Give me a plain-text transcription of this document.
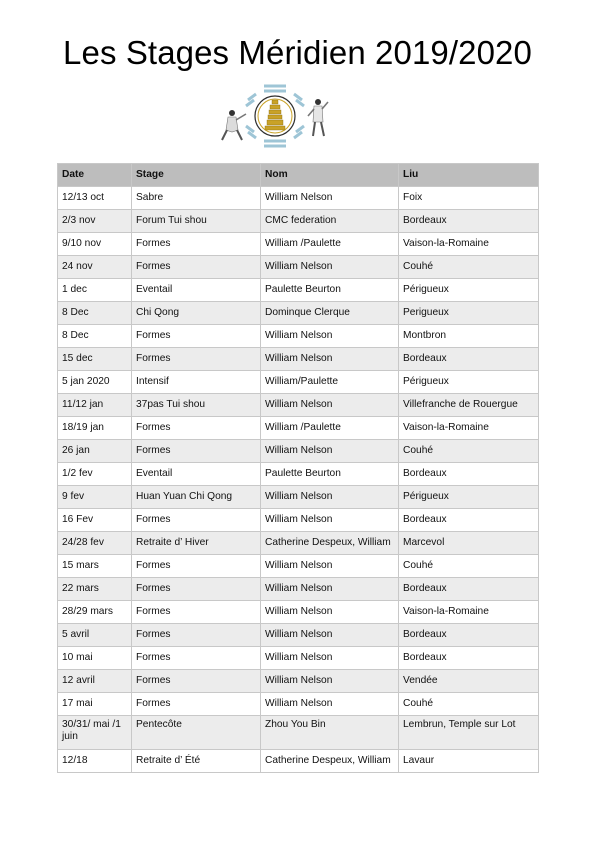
Les Stages Méridien 2019/2020
Date	Stage	Nom	Liu
12/13 oct	Sabre	William Nelson	Foix
2/3 nov	Forum Tui shou	CMC federation	Bordeaux
9/10 nov	Formes	William /Paulette	Vaison-la-Romaine
24 nov	Formes	William Nelson	Couhé
1 dec	Eventail	Paulette Beurton	Périgueux
8 Dec	Chi Qong	Dominque Clerque	Perigueux
8 Dec	Formes	William Nelson	Montbron
15 dec	Formes	William Nelson	Bordeaux
5 jan 2020	Intensif	William/Paulette	Périgueux
11/12 jan	37pas Tui shou	William Nelson	Villefranche de Rouergue
18/19 jan	Formes	William /Paulette	Vaison-la-Romaine
26 jan	Formes	William Nelson	Couhé
1/2 fev	Eventail	Paulette Beurton	Bordeaux
9 fev	Huan Yuan Chi Qong	William Nelson	Périgueux
16 Fev	Formes	William Nelson	Bordeaux
24/28 fev	Retraite d’ Hiver	Catherine Despeux, William	Marcevol
15 mars	Formes	William Nelson	Couhé
22 mars	Formes	William Nelson	Bordeaux
28/29 mars	Formes	William Nelson	Vaison-la-Romaine
5 avril	Formes	William Nelson	Bordeaux
10 mai	Formes	William Nelson	Bordeaux
12 avril	Formes	William Nelson	Vendée
17 mai	Formes	William Nelson	Couhé
30/31/ mai /1 juin	Pentecôte	Zhou You Bin	Lembrun, Temple sur Lot
12/18	Retraite d’ Été	Catherine Despeux, William	Lavaur
